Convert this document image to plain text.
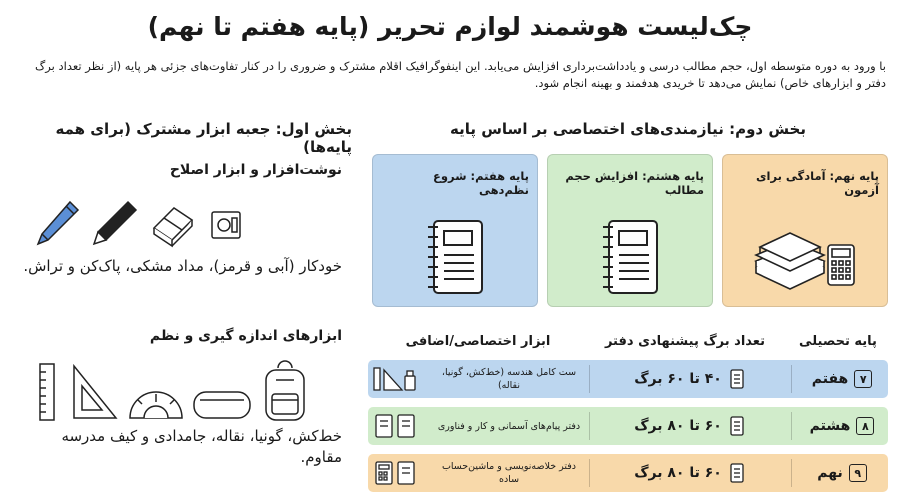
چک‌لیست هوشمند لوازم تحریر (پایه هفتم تا نهم)
با ورود به دوره متوسطه اول، حجم مطالب درسی و یادداشت‌برداری افزایش می‌یابد. این اینفوگرافیک اقلام مشترک و ضروری را در کنار تفاوت‌های جزئی هر پایه (از نظر تعداد برگ دفتر و ابزارهای خاص) نمایش می‌دهد تا خریدی هدفمند و بهینه انجام شود.
بخش دوم: نیازمندی‌های اختصاصی بر اساس پایه
پایه نهم: آمادگی برای آزمون
پایه هشتم: افزایش حجم مطالب
پایه هفتم: شروع نظم‌دهی
پایه تحصیلی
تعداد برگ پیشنهادی دفتر
ابزار اختصاصی/اضافی
۷
هفتم
۴۰ تا ۶۰ برگ
ست کامل هندسه (خط‌کش، گونیا، نقاله)
۸
هشتم
۶۰ تا ۸۰ برگ
دفتر پیام‌های آسمانی و کار و فناوری
۹
نهم
۶۰ تا ۸۰ برگ
دفتر خلاصه‌نویسی و ماشین‌حساب ساده
بخش اول: جعبه ابزار مشترک (برای همه پایه‌ها)
نوشت‌افزار و ابزار اصلاح
خودکار (آبی و قرمز)، مداد مشکی، پاک‌کن و تراش.
ابزارهای اندازه گیری و نظم
خط‌کش، گونیا، نقاله، جامدادی و کیف مدرسه مقاوم.
